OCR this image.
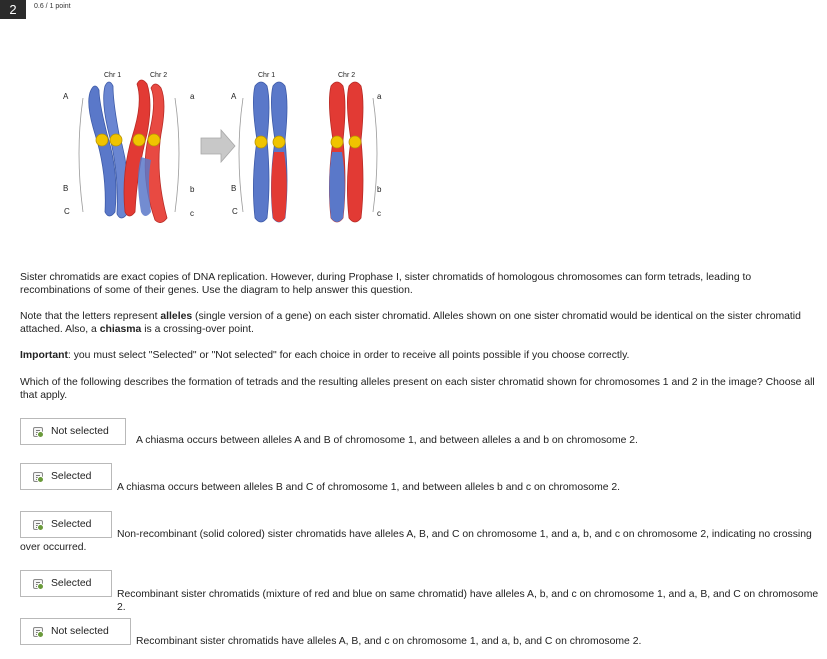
2	0.6 / 1 point
Chr 1	Chr 2	Chr 1	Chr 2
A
B
C
a
b
c
A
B
C
a
b
c

Sister chromatids are exact copies of DNA replication. However, during Prophase I, sister chromatids of homologous chromosomes can form tetrads, leading to recombinations of some of their genes. Use the diagram to help answer this question.

Note that the letters represent alleles (single version of a gene) on each sister chromatid. Alleles shown on one sister chromatid would be identical on the sister chromatid attached. Also, a chiasma is a crossing-over point.

Important: you must select "Selected" or "Not selected" for each choice in order to receive all points possible if you choose correctly.

Which of the following describes the formation of tetrads and the resulting alleles present on each sister chromatid shown for chromosomes 1 and 2 in the image? Choose all that apply.

Not selected
A chiasma occurs between alleles A and B of chromosome 1, and between alleles a and b on chromosome 2.
Selected
A chiasma occurs between alleles B and C of chromosome 1, and between alleles b and c on chromosome 2.
Selected
Non-recombinant (solid colored) sister chromatids have alleles A, B, and C on chromosome 1, and a, b, and c on chromosome 2, indicating no crossing
over occurred.
Selected
Recombinant sister chromatids (mixture of red and blue on same chromatid) have alleles A, b, and c on chromosome 1, and a, B, and C on chromosome 2.
Not selected
Recombinant sister chromatids have alleles A, B, and c on chromosome 1, and a, b, and C on chromosome 2.
